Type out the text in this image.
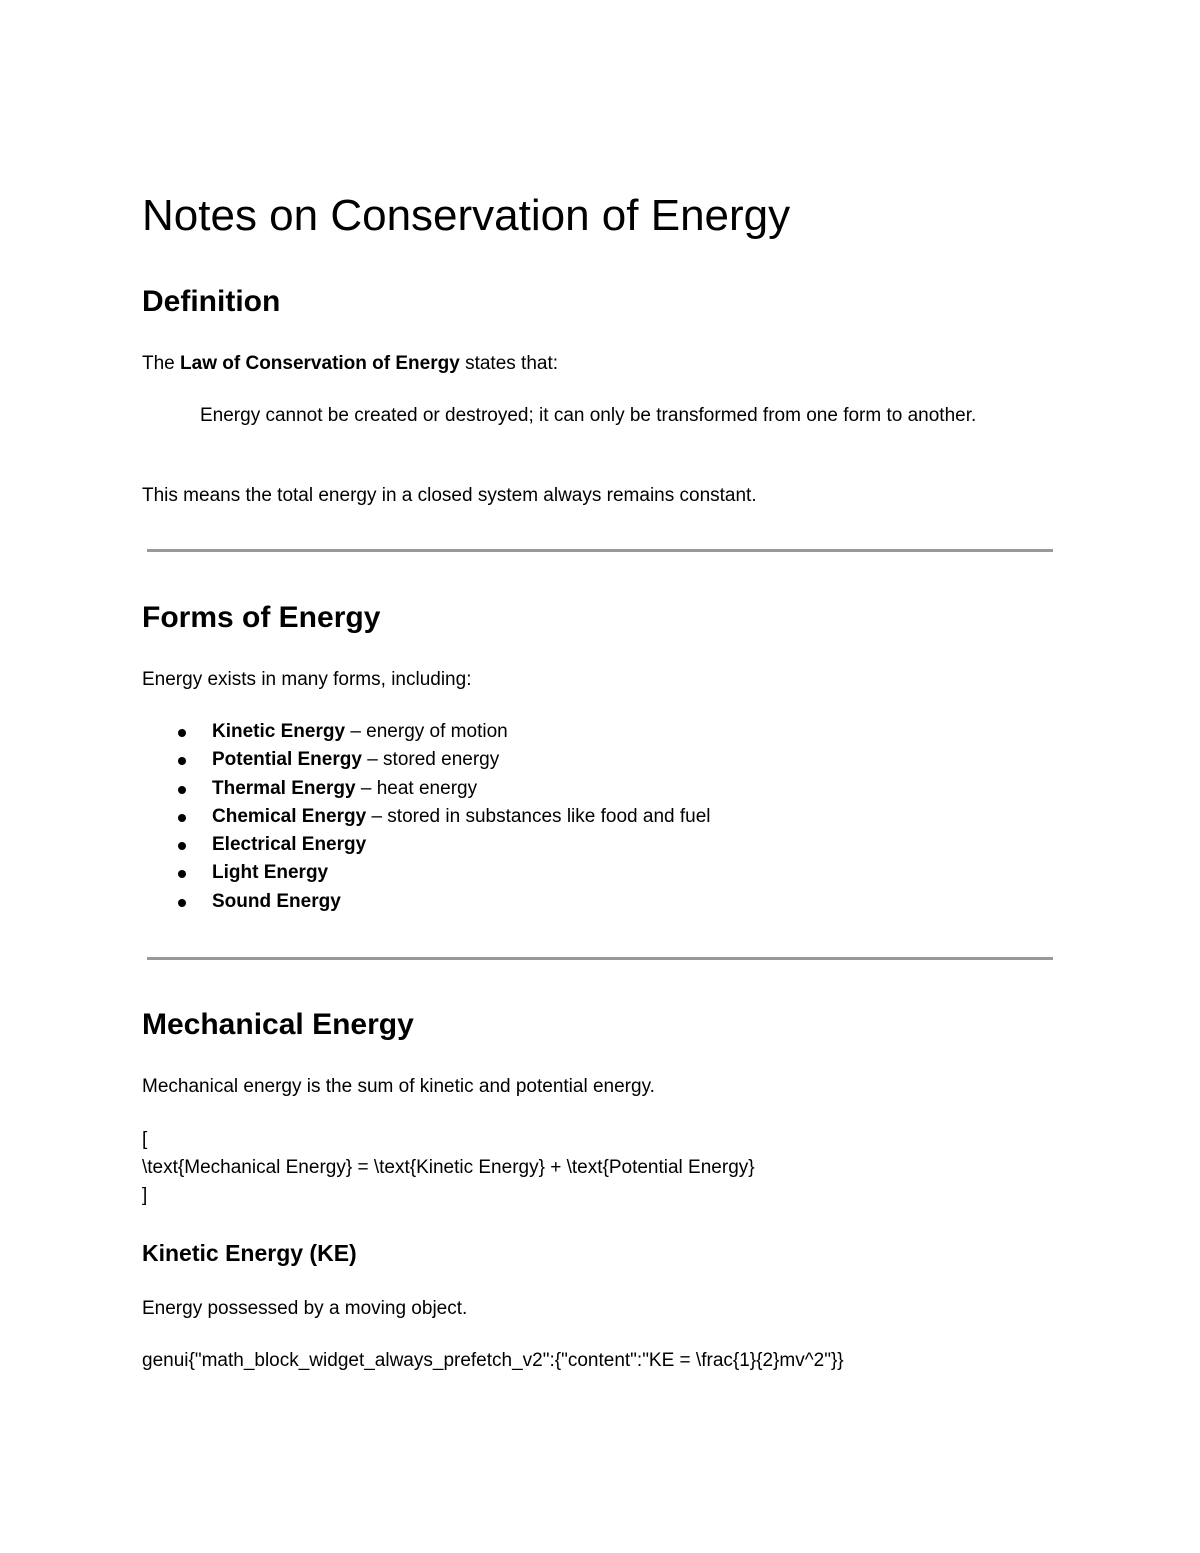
Notes on Conservation of Energy
Definition
The Law of Conservation of Energy states that:
Energy cannot be created or destroyed; it can only be transformed from one form to another.
This means the total energy in a closed system always remains constant.
Forms of Energy
Energy exists in many forms, including:
Kinetic Energy – energy of motion
Potential Energy – stored energy
Thermal Energy – heat energy
Chemical Energy – stored in substances like food and fuel
Electrical Energy
Light Energy
Sound Energy
Mechanical Energy
Mechanical energy is the sum of kinetic and potential energy.
[
\text{Mechanical Energy} = \text{Kinetic Energy} + \text{Potential Energy}
]
Kinetic Energy (KE)
Energy possessed by a moving object.
genui{"math_block_widget_always_prefetch_v2":{"content":"KE = \frac{1}{2}mv^2"}}
